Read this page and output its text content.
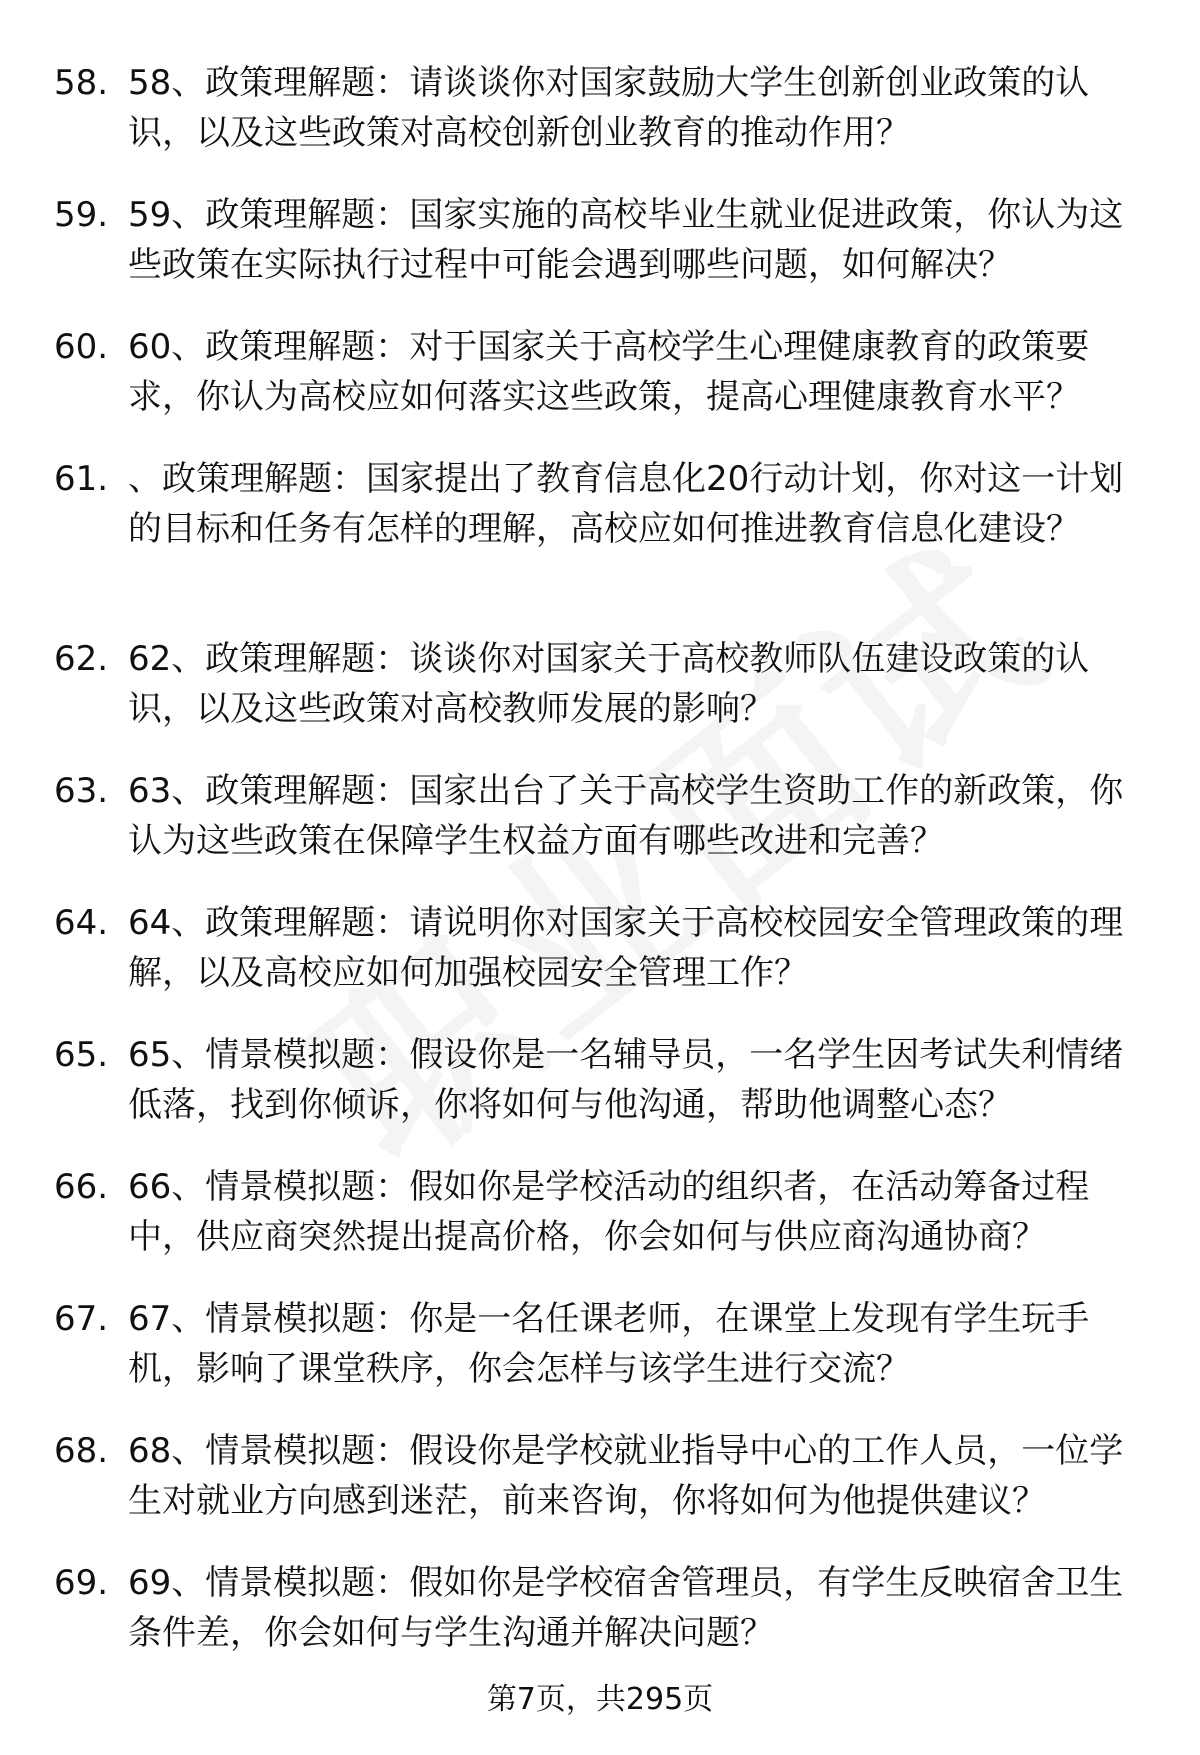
58. 58、政策理解题：请谈谈你对国家鼓励大学生创新创业政策的认识，以及这些政策对高校创新创业教育的推动作用？
59. 59、政策理解题：国家实施的高校毕业生就业促进政策，你认为这些政策在实际执行过程中可能会遇到哪些问题，如何解决？
60. 60、政策理解题：对于国家关于高校学生心理健康教育的政策要求，你认为高校应如何落实这些政策，提高心理健康教育水平？
61. 、政策理解题：国家提出了教育信息化20行动计划，你对这一计划的目标和任务有怎样的理解，高校应如何推进教育信息化建设？
62. 62、政策理解题：谈谈你对国家关于高校教师队伍建设政策的认识，以及这些政策对高校教师发展的影响？
63. 63、政策理解题：国家出台了关于高校学生资助工作的新政策，你认为这些政策在保障学生权益方面有哪些改进和完善？
64. 64、政策理解题：请说明你对国家关于高校校园安全管理政策的理解，以及高校应如何加强校园安全管理工作？
65. 65、情景模拟题：假设你是一名辅导员，一名学生因考试失利情绪低落，找到你倾诉，你将如何与他沟通，帮助他调整心态？
66. 66、情景模拟题：假如你是学校活动的组织者，在活动筹备过程中，供应商突然提出提高价格，你会如何与供应商沟通协商？
67. 67、情景模拟题：你是一名任课老师，在课堂上发现有学生玩手机，影响了课堂秩序，你会怎样与该学生进行交流？
68. 68、情景模拟题：假设你是学校就业指导中心的工作人员，一位学生对就业方向感到迷茫，前来咨询，你将如何为他提供建议？
69. 69、情景模拟题：假如你是学校宿舍管理员，有学生反映宿舍卫生条件差，你会如何与学生沟通并解决问题？
第7页，共295页
